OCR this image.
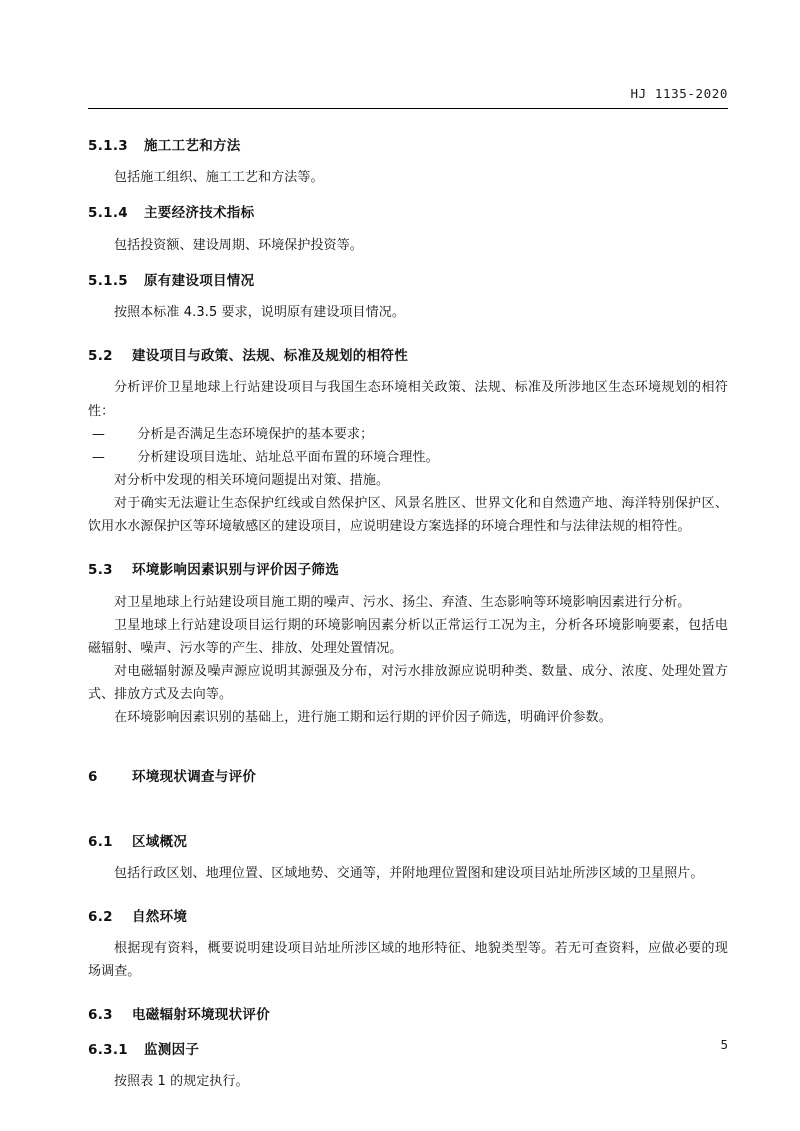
HJ 1135-2020
5.1.3 施工工艺和方法

包括施工组织、施工工艺和方法等。

5.1.4 主要经济技术指标

包括投资额、建设周期、环境保护投资等。

5.1.5 原有建设项目情况

按照本标准 4.3.5 要求，说明原有建设项目情况。

5.2 建设项目与政策、法规、标准及规划的相符性

分析评价卫星地球上行站建设项目与我国生态环境相关政策、法规、标准及所涉地区生态环境规划的相符性：

— 分析是否满足生态环境保护的基本要求；

— 分析建设项目选址、站址总平面布置的环境合理性。

对分析中发现的相关环境问题提出对策、措施。

对于确实无法避让生态保护红线或自然保护区、风景名胜区、世界文化和自然遗产地、海洋特别保护区、饮用水水源保护区等环境敏感区的建设项目，应说明建设方案选择的环境合理性和与法律法规的相符性。

5.3 环境影响因素识别与评价因子筛选

对卫星地球上行站建设项目施工期的噪声、污水、扬尘、弃渣、生态影响等环境影响因素进行分析。

卫星地球上行站建设项目运行期的环境影响因素分析以正常运行工况为主，分析各环境影响要素，包括电磁辐射、噪声、污水等的产生、排放、处理处置情况。

对电磁辐射源及噪声源应说明其源强及分布，对污水排放源应说明种类、数量、成分、浓度、处理处置方式、排放方式及去向等。

在环境影响因素识别的基础上，进行施工期和运行期的评价因子筛选，明确评价参数。

6	环境现状调查与评价
6.1 区域概况

包括行政区划、地理位置、区域地势、交通等，并附地理位置图和建设项目站址所涉区域的卫星照片。

6.2 自然环境

根据现有资料，概要说明建设项目站址所涉区域的地形特征、地貌类型等。若无可查资料，应做必要的现场调查。

6.3 电磁辐射环境现状评价
6.3.1 监测因子

按照表 1 的规定执行。

5
